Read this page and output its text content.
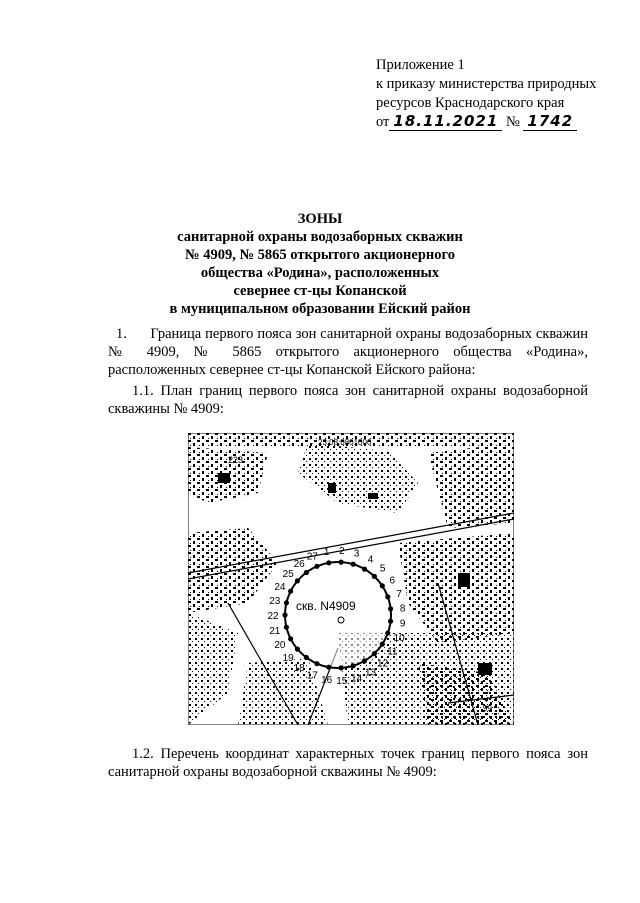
Приложение 1
к приказу министерства природных
ресурсов Краснодарского края
от 18.11.2021 № 1742
ЗОНЫ
санитарной охраны водозаборных скважин
№ 4909, № 5865 открытого акционерного
общества «Родина», расположенных
севернее ст-цы Копанской
в муниципальном образовании Ейский район
1.      Граница первого пояса зон санитарной охраны водозаборных скважин № 4909, № 5865 открытого акционерного общества «Родина», расположенных севернее ст-цы Копанской Ейского района:
1.1. План границ первого пояса зон санитарной охраны водозаборной скважины № 4909:
223
23:08:0801000
99
1 2 3
4
5
6
7
8
9
10
11
12
13
14
15
16
17
18
19
20
21
22
23
24
25
26
27
скв. N4909
1.2. Перечень координат характерных точек границ первого пояса зон санитарной охраны водозаборной скважины № 4909:
